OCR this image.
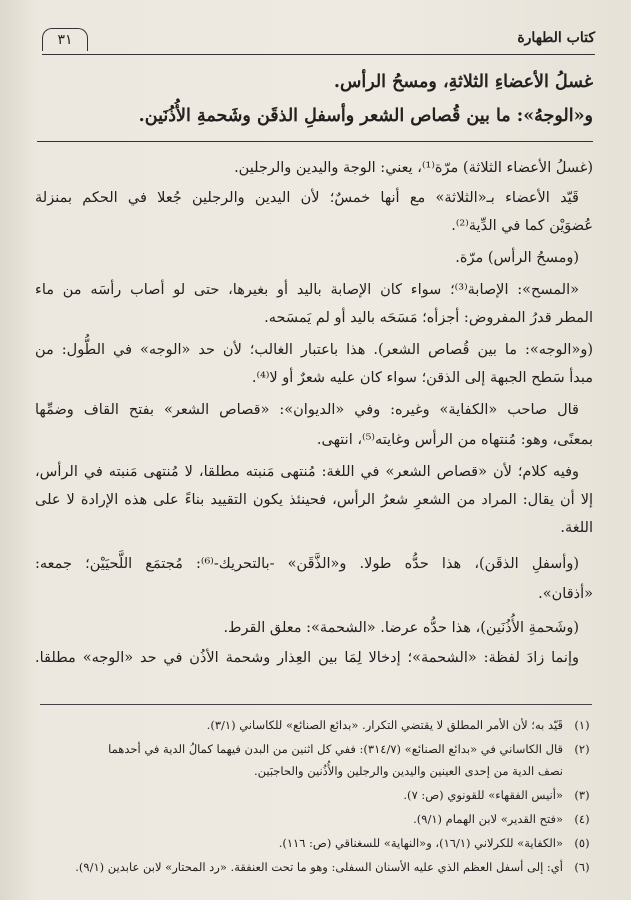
٣١	كتاب الطهارة
غسلُ الأعضاءِ الثلاثةِ، ومسحُ الرأس.
و«الوجهُ»: ما بين قُصاص الشعر وأسفلِ الذقَن وشَحمةِ الأُذُنَين.
(غسلُ الأعضاء الثلاثة) مرّة⁽¹⁾، يعني: الوجة واليدين والرجلين.
قَيّد الأعضاء بـ«الثلاثة» مع أنها خمسٌ؛ لأن اليدين والرجلين جُعلا في الحكم بمنزلة
عُضوَيْن كما في الدِّية⁽²⁾.
(ومسحُ الرأس) مرّة.
«المسح»: الإصابة⁽³⁾؛ سواء كان الإصابة باليد أو بغيرها، حتى لو أصاب رأسَه من ماء
المطر قدرُ المفروض: أجزأه؛ مَسَحَه باليد أو لم يَمسَحه.
(و«الوجه»: ما بين قُصاص الشعر). هذا باعتبار الغالب؛ لأن حد «الوجه» في الطُّول: من
مبدأ سَطح الجبهة إلى الذقن؛ سواء كان عليه شعرٌ أو لا⁽⁴⁾.
قال صاحب «الكفاية» وغيره: وفي «الديوان»: «قصاص الشعر» بفتح القاف وضمِّها
بمعنًى، وهو: مُنتهاه من الرأس وغايته⁽⁵⁾، انتهى.
وفيه كلام؛ لأن «قصاص الشعر» في اللغة: مُنتهى مَنبته مطلقا، لا مُنتهى مَنبته في الرأس،
إلا أن يقال: المراد من الشعرِ شعرُ الرأس، فحينئذ يكون التقييد بناءً على هذه الإرادة لا على
اللغة.
(وأسفلِ الذقَن)، هذا حدُّه طولا. و«الذَّقَن» -بالتحريك-⁽⁶⁾: مُجتمَع اللَّحيَيْن؛ جمعه:
«أذقان».
(وشَحمةِ الأُذُنَين)، هذا حدُّه عرضا. «الشحمة»: معلق القرط.
وإنما زادَ لفظة: «الشحمة»؛ إدخالا لِمَا بين العِذار وشحمة الأذُن في حد «الوجه» مطلقا.
(١)
قَيّد به؛ لأن الأمر المطلق لا يقتضي التكرار. «بدائع الصنائع» للكاساني (٣/١).
(٢)
قال الكاساني في «بدائع الصنائع» (٣١٤/٧): ففي كل اثنين من البدن فيهما كمالُ الدية في أحدهما
نصف الدية من إحدى العينين واليدين والرجلين والأُذُنين والحاجبَين.
(٣)
«أنيس الفقهاء» للقونوي (ص: ٧).
(٤)
«فتح القدير» لابن الهمام (٩/١).
(٥)
«الكفاية» للكرلاني (١٦/١)، و«النهاية» للسغناقي (ص: ١١٦).
(٦)
أي: إلى أسفل العظم الذي عليه الأسنان السفلى: وهو ما تحت العنفقة. «رد المحتار» لابن عابدين (٩/١).
